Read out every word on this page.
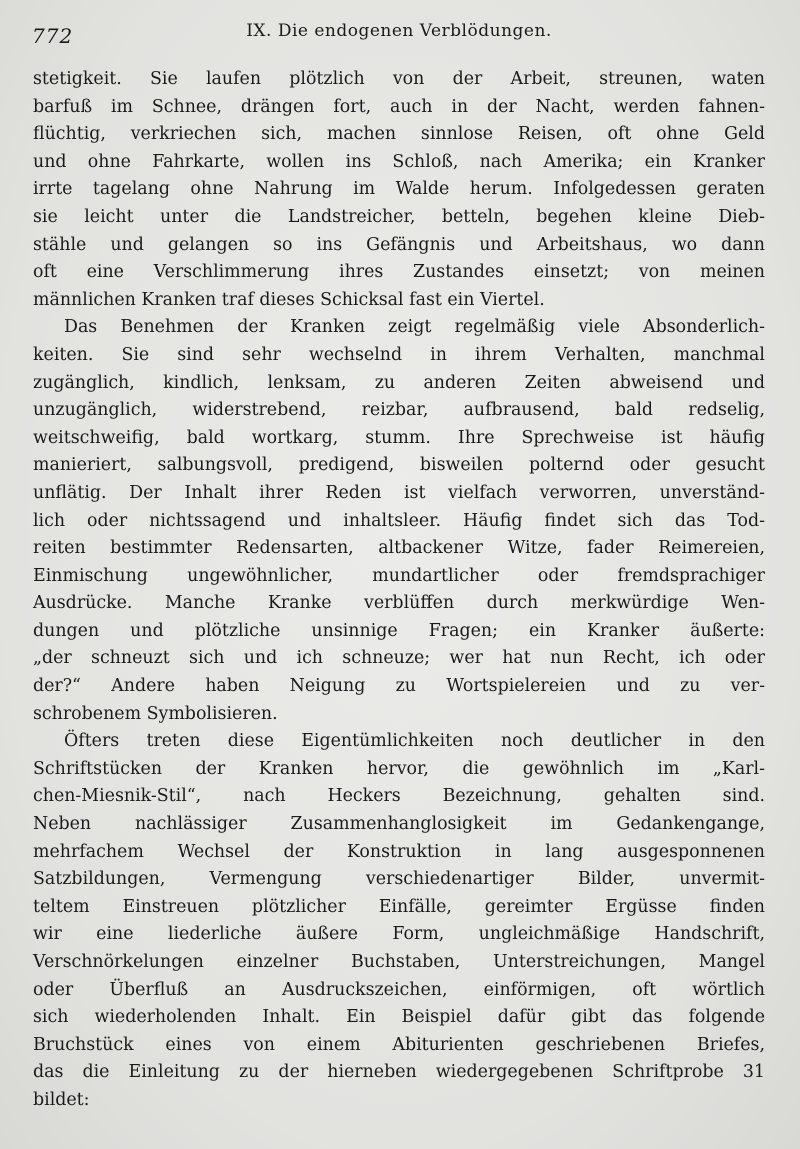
772	IX. Die endogenen Verblödungen.
stetigkeit. Sie laufen plötzlich von der Arbeit, streunen, waten
barfuß im Schnee, drängen fort, auch in der Nacht, werden fahnen-
flüchtig, verkriechen sich, machen sinnlose Reisen, oft ohne Geld
und ohne Fahrkarte, wollen ins Schloß, nach Amerika; ein Kranker
irrte tagelang ohne Nahrung im Walde herum. Infolgedessen geraten
sie leicht unter die Landstreicher, betteln, begehen kleine Dieb-
stähle und gelangen so ins Gefängnis und Arbeitshaus, wo dann
oft eine Verschlimmerung ihres Zustandes einsetzt; von meinen
männlichen Kranken traf dieses Schicksal fast ein Viertel.
Das Benehmen der Kranken zeigt regelmäßig viele Absonderlich-
keiten. Sie sind sehr wechselnd in ihrem Verhalten, manchmal
zugänglich, kindlich, lenksam, zu anderen Zeiten abweisend und
unzugänglich, widerstrebend, reizbar, aufbrausend, bald redselig,
weitschweifig, bald wortkarg, stumm. Ihre Sprechweise ist häufig
manieriert, salbungsvoll, predigend, bisweilen polternd oder gesucht
unflätig. Der Inhalt ihrer Reden ist vielfach verworren, unverständ-
lich oder nichtssagend und inhaltsleer. Häufig findet sich das Tod-
reiten bestimmter Redensarten, altbackener Witze, fader Reimereien,
Einmischung ungewöhnlicher, mundartlicher oder fremdsprachiger
Ausdrücke. Manche Kranke verblüffen durch merkwürdige Wen-
dungen und plötzliche unsinnige Fragen; ein Kranker äußerte:
„der schneuzt sich und ich schneuze; wer hat nun Recht, ich oder
der?“ Andere haben Neigung zu Wortspielereien und zu ver-
schrobenem Symbolisieren.
Öfters treten diese Eigentümlichkeiten noch deutlicher in den
Schriftstücken der Kranken hervor, die gewöhnlich im „Karl-
chen-Miesnik-Stil“, nach Heckers Bezeichnung, gehalten sind.
Neben nachlässiger Zusammenhanglosigkeit im Gedankengange,
mehrfachem Wechsel der Konstruktion in lang ausgesponnenen
Satzbildungen, Vermengung verschiedenartiger Bilder, unvermit-
teltem Einstreuen plötzlicher Einfälle, gereimter Ergüsse finden
wir eine liederliche äußere Form, ungleichmäßige Handschrift,
Verschnörkelungen einzelner Buchstaben, Unterstreichungen, Mangel
oder Überfluß an Ausdruckszeichen, einförmigen, oft wörtlich
sich wiederholenden Inhalt. Ein Beispiel dafür gibt das folgende
Bruchstück eines von einem Abiturienten geschriebenen Briefes,
das die Einleitung zu der hierneben wiedergegebenen Schriftprobe 31
bildet:
